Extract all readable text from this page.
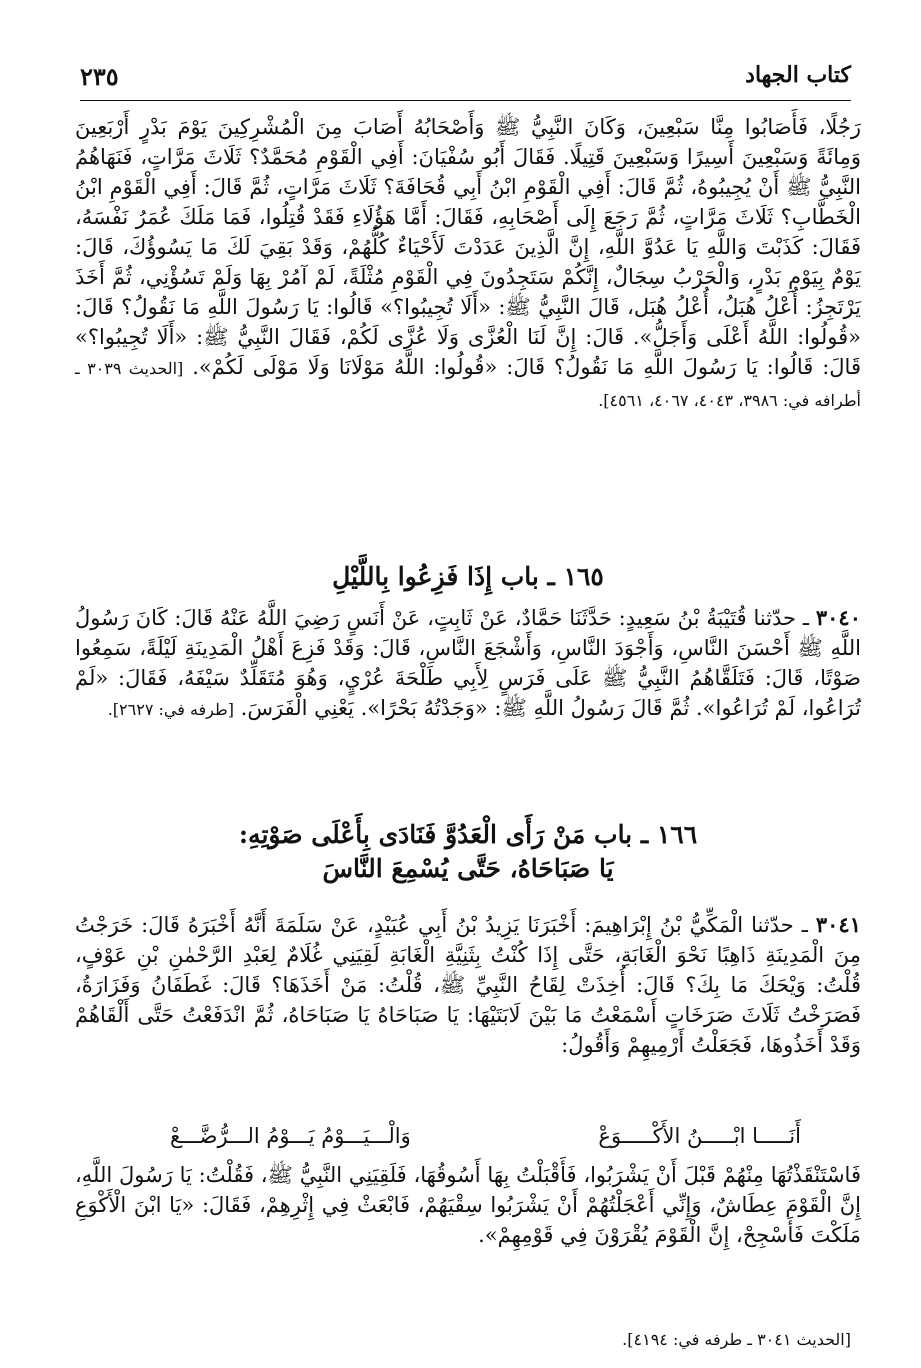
كتاب الجهاد
٢٣٥
رَجُلًا، فَأَصَابُوا مِنَّا سَبْعِينَ، وَكَانَ النَّبِيُّ ﷺ وَأَصْحَابُهُ أَصَابَ مِنَ الْمُشْرِكِينَ يَوْمَ بَدْرٍ أَرْبَعِينَ وَمِائَةً وَسَبْعِينَ أَسِيرًا وَسَبْعِينَ قَتِيلًا. فَقَالَ أَبُو سُفْيَانَ: أَفِي الْقَوْمِ مُحَمَّدٌ؟ ثَلَاثَ مَرَّاتٍ، فَنَهَاهُمُ النَّبِيُّ ﷺ أَنْ يُجِيبُوهُ، ثُمَّ قَالَ: أَفِي الْقَوْمِ ابْنُ أَبِي قُحَافَةَ؟ ثَلَاثَ مَرَّاتٍ، ثُمَّ قَالَ: أَفِي الْقَوْمِ ابْنُ الْخَطَّابِ؟ ثَلَاثَ مَرَّاتٍ، ثُمَّ رَجَعَ إِلَى أَصْحَابِهِ، فَقَالَ: أَمَّا هَؤُلَاءِ فَقَدْ قُتِلُوا، فَمَا مَلَكَ عُمَرُ نَفْسَهُ، فَقَالَ: كَذَبْتَ وَاللَّهِ يَا عَدُوَّ اللَّهِ، إِنَّ الَّذِينَ عَدَدْتَ لَأَحْيَاءٌ كُلُّهُمْ، وَقَدْ بَقِيَ لَكَ مَا يَسُوؤُكَ، قَالَ: يَوْمٌ بِيَوْمِ بَدْرٍ، وَالْحَرْبُ سِجَالٌ، إِنَّكُمْ سَتَجِدُونَ فِي الْقَوْمِ مُثْلَةً، لَمْ آمُرْ بِهَا وَلَمْ تَسُؤْنِي، ثُمَّ أَخَذَ يَرْتَجِزُ: أُعْلُ هُبَلُ، أُعْلُ هُبَل، قَالَ النَّبِيُّ ﷺ: «أَلَا تُجِيبُوا؟» قَالُوا: يَا رَسُولَ اللَّهِ مَا نَقُولُ؟ قَالَ: «قُولُوا: اللَّهُ أَعْلَى وَأَجَلُّ». قَالَ: إِنَّ لَنَا الْعُزَّى وَلَا عُزَّى لَكُمْ، فَقَالَ النَّبِيُّ ﷺ: «أَلَا تُجِيبُوا؟» قَالَ: قَالُوا: يَا رَسُولَ اللَّهِ مَا نَقُولُ؟ قَالَ: «قُولُوا: اللَّهُ مَوْلَانَا وَلَا مَوْلَى لَكُمْ». [الحديث ٣٠٣٩ ـ أطرافه في: ٣٩٨٦، ٤٠٤٣، ٤٠٦٧، ٤٥٦١].
١٦٥ ـ باب إِذَا فَزِعُوا بِاللَّيْلِ
٣٠٤٠ ـ حدّثنا قُتَيْبَةُ بْنُ سَعِيدٍ: حَدَّثَنَا حَمَّادٌ، عَنْ ثَابِتٍ، عَنْ أَنَسٍ رَضِيَ اللَّهُ عَنْهُ قَالَ: كَانَ رَسُولُ اللَّهِ ﷺ أَحْسَنَ النَّاسِ، وَأَجْوَدَ النَّاسِ، وَأَشْجَعَ النَّاسِ، قَالَ: وَقَدْ فَزِعَ أَهْلُ الْمَدِينَةِ لَيْلَةً، سَمِعُوا صَوْتًا، قَالَ: فَتَلَقَّاهُمُ النَّبِيُّ ﷺ عَلَى فَرَسٍ لِأَبِي طَلْحَةَ عُرْيٍ، وَهُوَ مُتَقَلِّدٌ سَيْفَهُ، فَقَالَ: «لَمْ تُرَاعُوا، لَمْ تُرَاعُوا». ثُمَّ قَالَ رَسُولُ اللَّهِ ﷺ: «وَجَدْتُهُ بَحْرًا». يَعْنِي الْفَرَسَ. [طرفه في: ٢٦٢٧].
١٦٦ ـ باب مَنْ رَأَى الْعَدُوَّ فَنَادَى بِأَعْلَى صَوْتِهِ:
يَا صَبَاحَاهُ، حَتَّى يُسْمِعَ النَّاسَ
٣٠٤١ ـ حدّثنا الْمَكِّيُّ بْنُ إِبْرَاهِيمَ: أَخْبَرَنَا يَزِيدُ بْنُ أَبِي عُبَيْدٍ، عَنْ سَلَمَةَ أَنَّهُ أَخْبَرَهُ قَالَ: خَرَجْتُ مِنَ الْمَدِينَةِ ذَاهِبًا نَحْوَ الْغَابَةِ، حَتَّى إِذَا كُنْتُ بِثَنِيَّةِ الْغَابَةِ لَقِيَنِي غُلَامٌ لِعَبْدِ الرَّحْمٰنِ بْنِ عَوْفٍ، قُلْتُ: وَيْحَكَ مَا بِكَ؟ قَالَ: أُخِذَتْ لِقَاحُ النَّبِيِّ ﷺ، قُلْتُ: مَنْ أَخَذَهَا؟ قَالَ: غَطَفَانُ وَفَزَارَةُ، فَصَرَخْتُ ثَلَاثَ صَرَخَاتٍ أَسْمَعْتُ مَا بَيْنَ لَابَتَيْهَا: يَا صَبَاحَاهُ يَا صَبَاحَاهُ، ثُمَّ انْدَفَعْتُ حَتَّى أَلْقَاهُمْ وَقَدْ أَخَذُوهَا، فَجَعَلْتُ أَرْمِيهِمْ وَأَقُولُ:
أَنَـــــا ابْـــــنُ الأَكْـــــوَعْ
وَالْـــيَـــوْمُ يَـــوْمُ الـــرُّضَّـــعْ
فَاسْتَنْقَذْتُهَا مِنْهُمْ قَبْلَ أَنْ يَشْرَبُوا، فَأَقْبَلْتُ بِهَا أَسُوقُهَا، فَلَقِيَنِي النَّبِيُّ ﷺ، فَقُلْتُ: يَا رَسُولَ اللَّهِ، إِنَّ الْقَوْمَ عِطَاشٌ، وَإِنِّي أَعْجَلْتُهُمْ أَنْ يَشْرَبُوا سِقْيَهُمْ، فَابْعَثْ فِي إِثْرِهِمْ، فَقَالَ: «يَا ابْنَ الْأَكْوَعِ مَلَكْتَ فَأَسْجِحْ، إِنَّ الْقَوْمَ يُقْرَوْنَ فِي قَوْمِهِمْ».
[الحديث ٣٠٤١ ـ طرفه في: ٤١٩٤].
